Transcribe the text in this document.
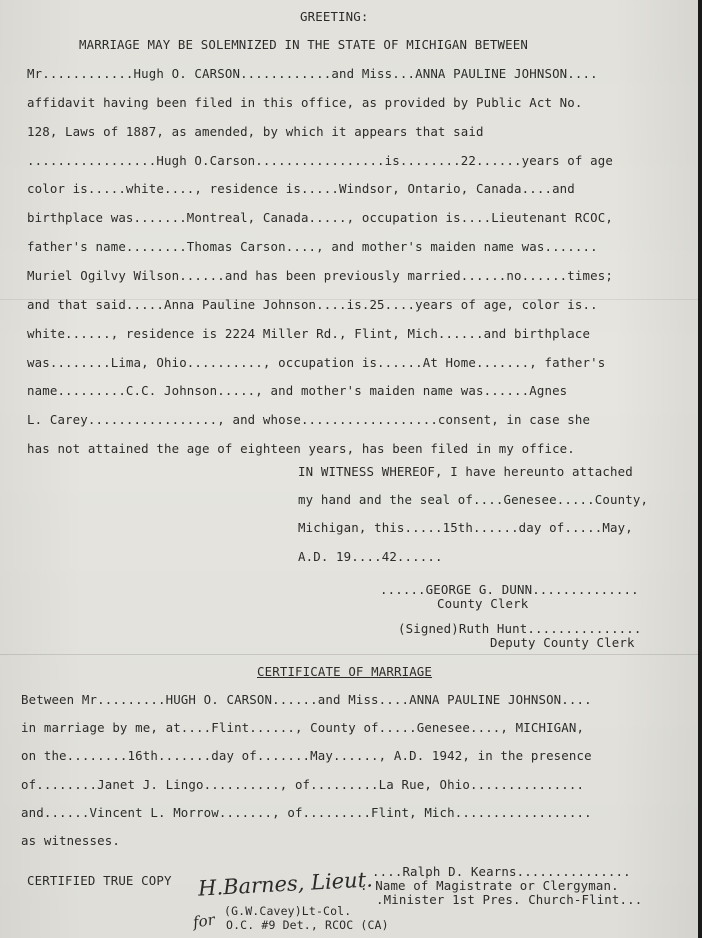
GREETING:
MARRIAGE MAY BE SOLEMNIZED IN THE STATE OF MICHIGAN BETWEEN
Mr............Hugh O. CARSON............and Miss...ANNA PAULINE JOHNSON....
affidavit having been filed in this office, as provided by Public Act No.
128, Laws of 1887, as amended, by which it appears that said
.................Hugh O.Carson.................is........22......years of age
color is.....white...., residence is.....Windsor, Ontario, Canada....and
birthplace was.......Montreal, Canada....., occupation is....Lieutenant RCOC,
father's name........Thomas Carson...., and mother's maiden name was.......
Muriel Ogilvy Wilson......and has been previously married......no......times;
and that said.....Anna Pauline Johnson....is.25....years of age, color is..
white......, residence is 2224 Miller Rd., Flint, Mich......and birthplace
was........Lima, Ohio.........., occupation is......At Home......., father's
name.........C.C. Johnson....., and mother's maiden name was......Agnes
L. Carey................., and whose..................consent, in case she
has not attained the age of eighteen years, has been filed in my office.
IN WITNESS WHEREOF, I have hereunto attached
my hand and the seal of....Genesee.....County,
Michigan, this.....15th......day of.....May,
A.D. 19....42......
......GEORGE G. DUNN..............
County Clerk
(Signed)Ruth Hunt...............
Deputy County Clerk
CERTIFICATE OF MARRIAGE
Between Mr.........HUGH O. CARSON......and Miss....ANNA PAULINE JOHNSON....
in marriage by me, at....Flint......, County of.....Genesee...., MICHIGAN,
on the........16th.......day of.......May......, A.D. 1942, in the presence
of........Janet J. Lingo.........., of.........La Rue, Ohio...............
and......Vincent L. Morrow......., of.........Flint, Mich..................
as witnesses.
CERTIFIED TRUE COPY
....Ralph D. Kearns...............
. Name of Magistrate or Clergyman.
.Minister 1st Pres. Church-Flint...
H.Barnes, Lieut.
(G.W.Cavey)Lt-Col.
for O.C. #9 Det., RCOC (CA)
